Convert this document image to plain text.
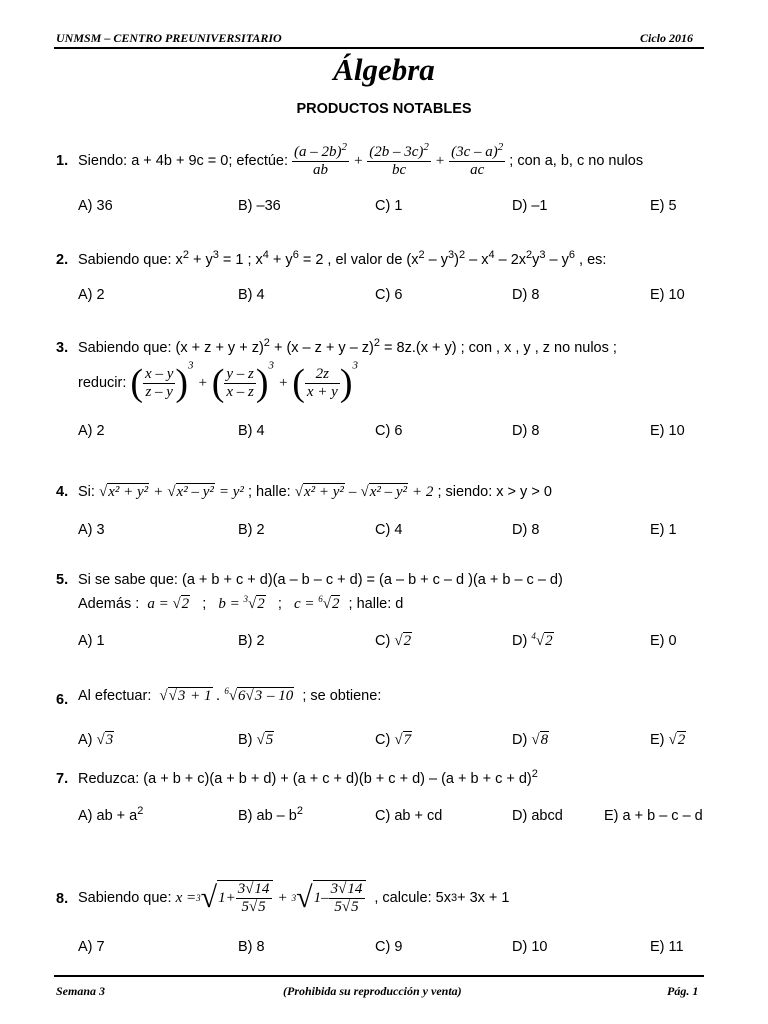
UNMSM – CENTRO PREUNIVERSITARIO	Ciclo 2016
Álgebra
PRODUCTOS NOTABLES
1. Siendo: a + 4b + 9c = 0; efectúe:
$\frac{(a - 2b)^2}{ab}$
+
$\frac{(2b - 3c)^2}{bc}$
+
$\frac{(3c - a)^2}{ac}$
; con a, b, c no nulos
A) 36	B) –36	C) 1	D) –1	E) 5
2. Sabiendo que: $x^2 + y^3 = 1$ ; $x^4 + y^6 = 2$ , el valor de $(x^2 - y^3)^2 - x^4 - 2x^2y^3 - y^6$ , es:
A) 2	B) 4	C) 6	D) 8	E) 10
3. Sabiendo que: $(x + z + y + z)^2 + (x - z + y - z)^2 = 8z.(x + y)$ ; con , x , y , z no nulos ;
reducir:
( $\frac{x - y}{z - y} )^3$

+
( $\frac{y - z}{x - z} )^3$

+
( $\frac{2z}{x + y} )^3$
A) 2	B) 4	C) 6	D) 8	E) 10
4. Si:
√x² + y²
+
√x² – y²
= y²
; halle:
√x² + y²
–
√x² – y²
+ 2
; siendo: x > y > 0
A) 3	B) 2	C) 4	D) 8	E) 1
5. Si se sabe que: (a + b + c + d)(a – b – c + d) = (a – b + c – d )(a + b – c – d)
Además : a = √2 ; b = $^3$√2 ; c = $^6$√2 ; halle: d
A) 1	B) 2	C) √2	D) $^4$√2	E) 0
6. Al efectuar: √√3 + 1 . $^6$√6√3 – 10 ; se obtiene:
A) √3	B) √5	C) √7	D) √8	E) √2
7. Reduzca: $(a + b + c)(a + b + d) + (a + c + d)(b + c + d) - (a + b + c + d)^2$
A) ab + $a^2$	B) ab – $b^2$	C) ab + cd	D) abcd	E) a + b – c – d
8. Sabiendo que:
x = 3 √ $1 + \frac{3√14}{5√5}$
+
3 √ $1 - \frac{3√14}{5√5}$
, calcule: 5x 3 + 3x + 1
A) 7	B) 8	C) 9	D) 10	E) 11
Semana 3	(Prohibida su reproducción y venta)	Pág. 1
